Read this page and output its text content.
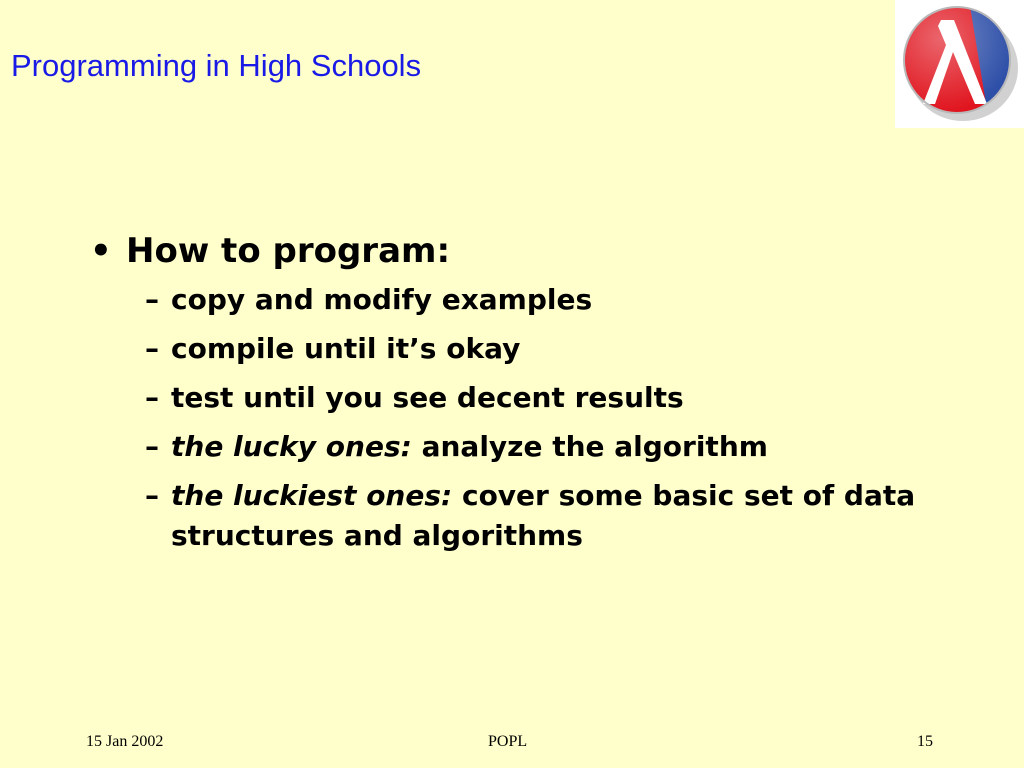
Programming in High Schools
• How to program:
– copy and modify examples
– compile until it’s okay
– test until you see decent results
– the lucky ones: analyze the algorithm
– the luckiest ones: cover some basic set of data structures and algorithms
15 Jan 2002	POPL	15
